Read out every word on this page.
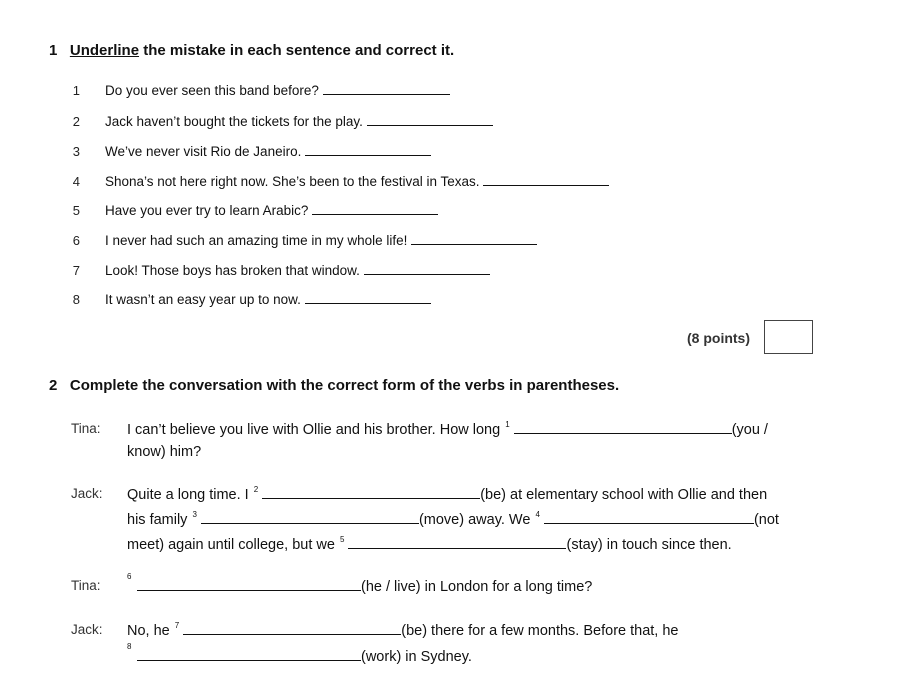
1 Underline the mistake in each sentence and correct it.
1 Do you ever seen this band before?
2 Jack haven’t bought the tickets for the play.
3 We’ve never visit Rio de Janeiro.
4 Shona’s not here right now. She’s been to the festival in Texas.
5 Have you ever try to learn Arabic?
6 I never had such an amazing time in my whole life!
7 Look! Those boys has broken that window.
8 It wasn’t an easy year up to now.
(8 points)
2 Complete the conversation with the correct form of the verbs in parentheses.
Tina: I can’t believe you live with Ollie and his brother. How long $^1$	(you /
know) him?
Jack: Quite a long time. I $^2$	(be) at elementary school with Ollie and then
his family $^3$	(move) away. We $^4$	(not
meet) again until college, but we $^5$	(stay) in touch since then.
Tina:
6
(he / live) in London for a long time?
Jack: No, he $^7$	(be) there for a few months. Before that, he
8
(work) in Sydney.
